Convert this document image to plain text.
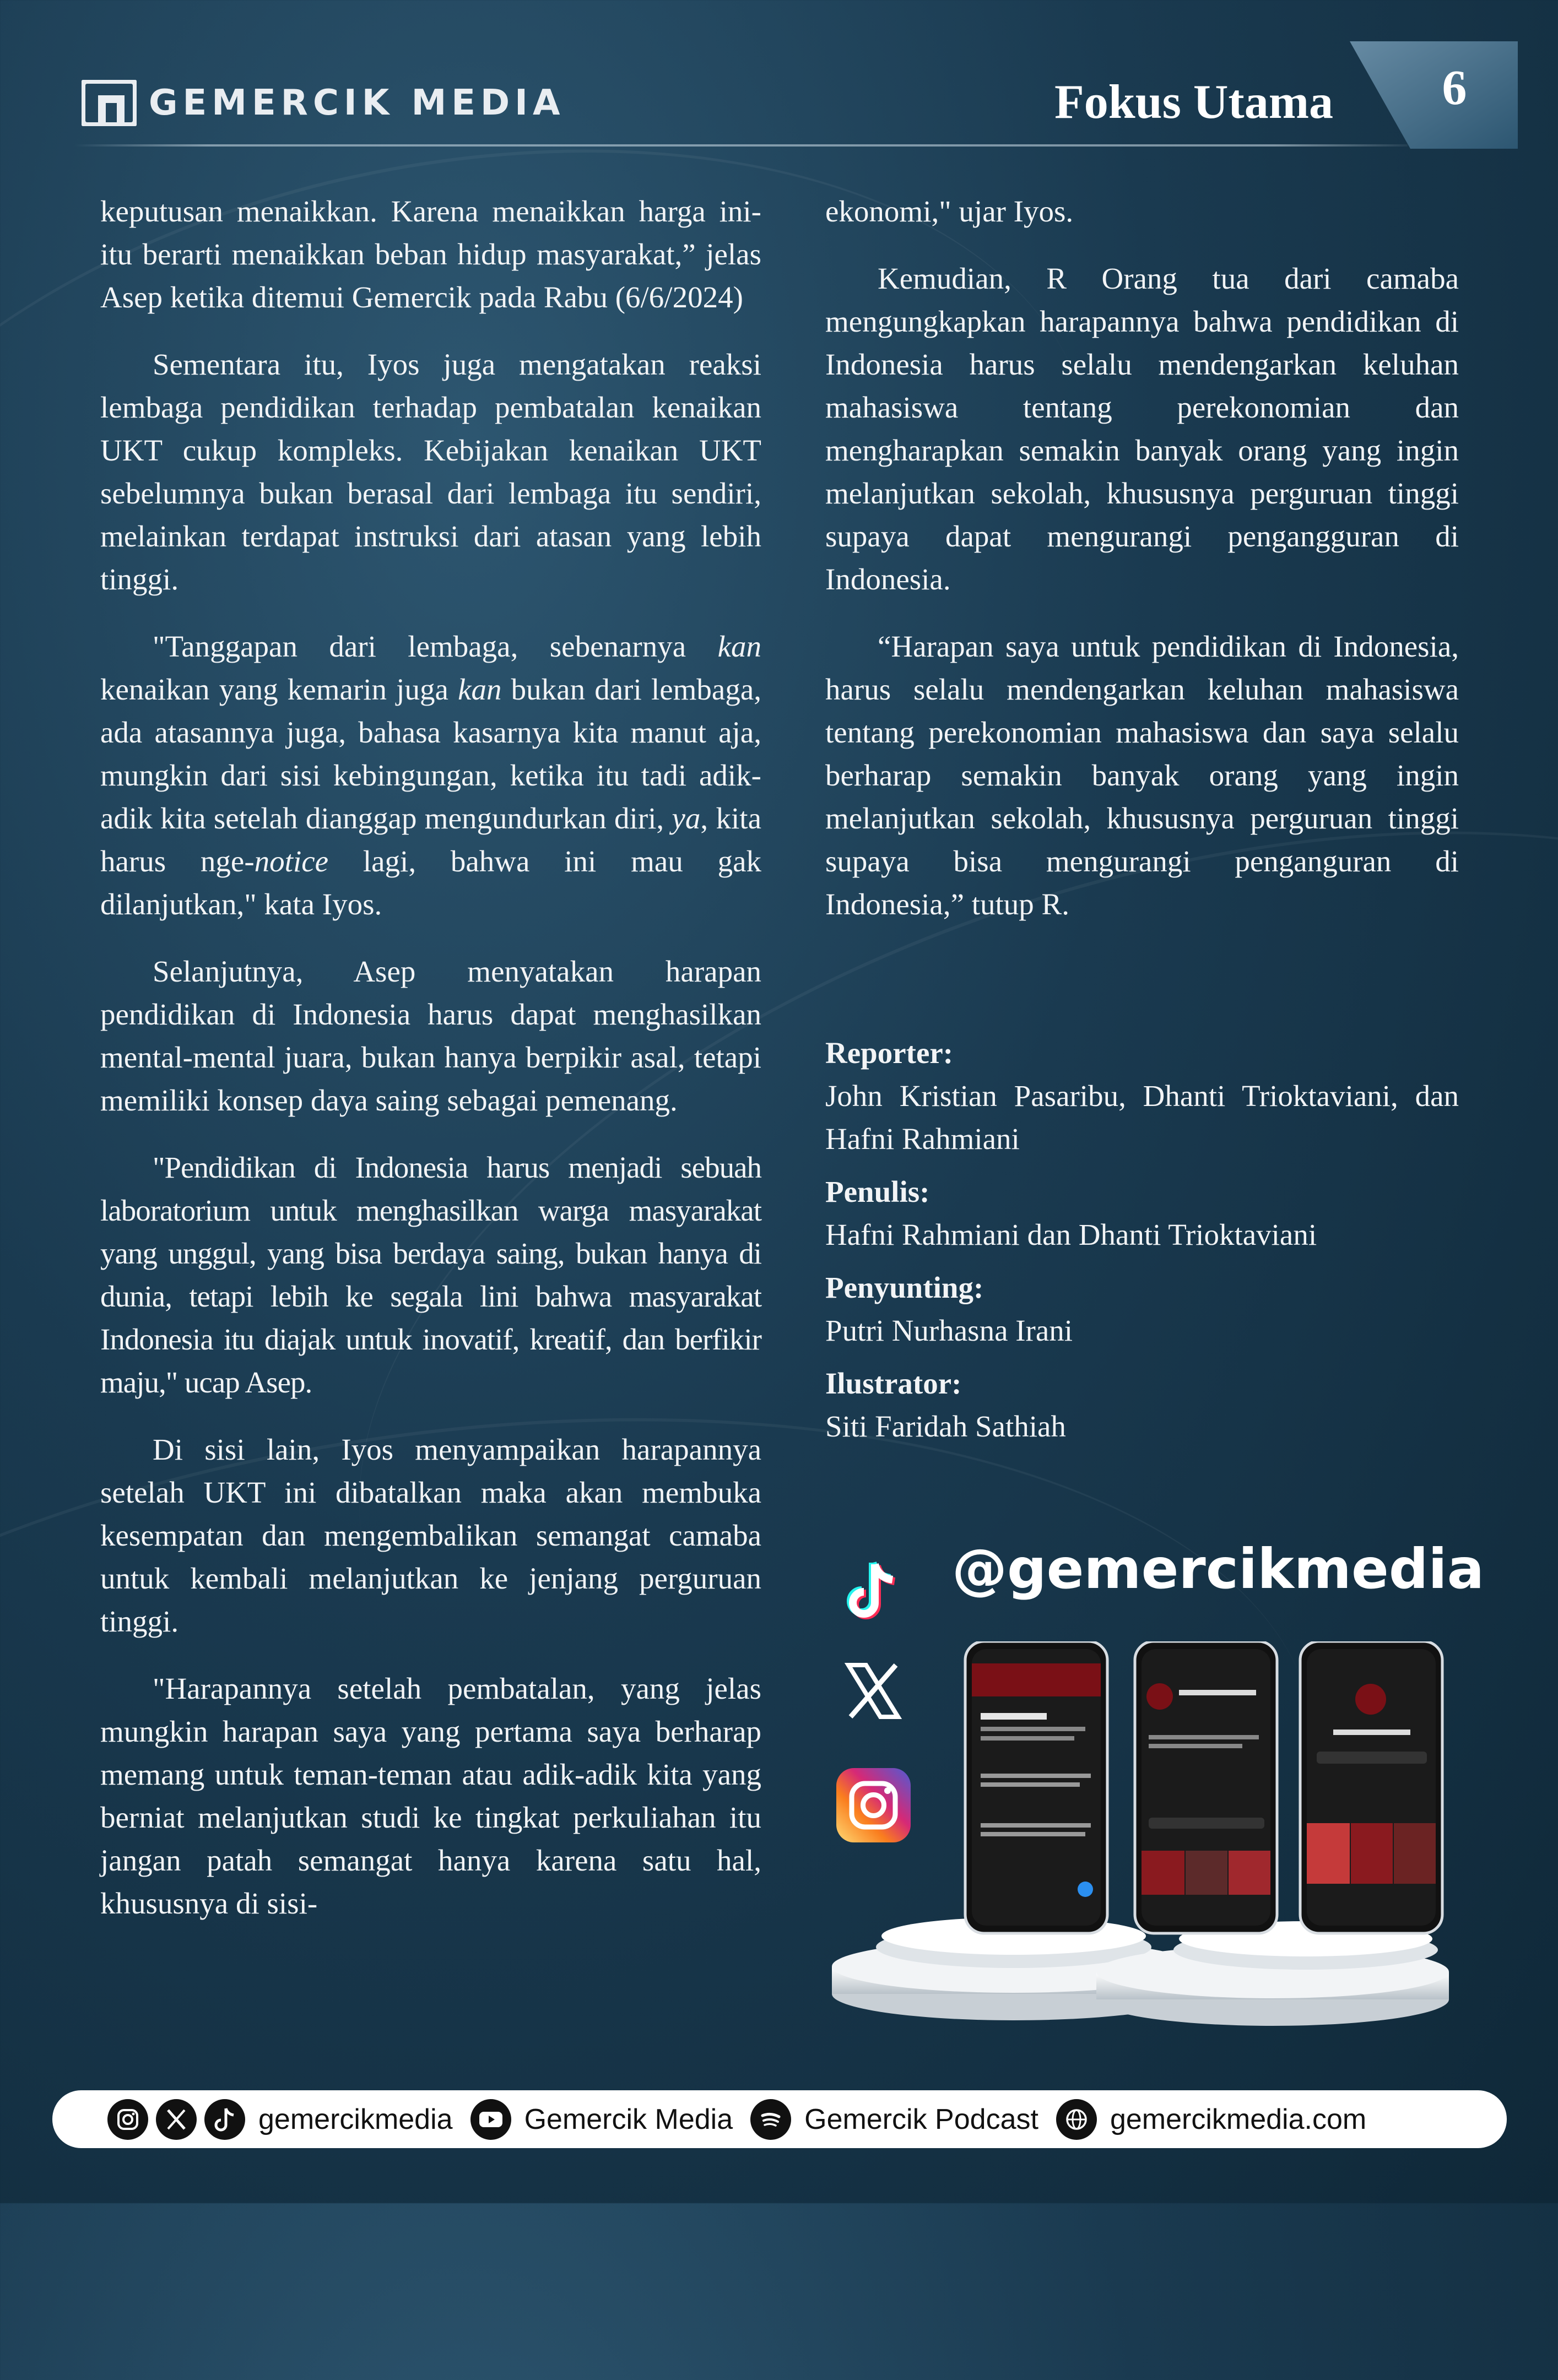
GEMERCIK MEDIA	Fokus Utama	6

keputusan menaikkan. Karena menaikkan harga ini-itu berarti menaikkan beban hidup masyarakat,” jelas Asep ketika ditemui Gemercik pada Rabu (6/6/2024)

Sementara itu, Iyos juga mengatakan reaksi lembaga pendidikan terhadap pembatalan kenaikan UKT cukup kompleks. Kebijakan kenaikan UKT sebelumnya bukan berasal dari lembaga itu sendiri, melainkan terdapat instruksi dari atasan yang lebih tinggi.

"Tanggapan dari lembaga, sebenarnya kan kenaikan yang kemarin juga kan bukan dari lembaga, ada atasannya juga, bahasa kasarnya kita manut aja, mungkin dari sisi kebingungan, ketika itu tadi adik-adik kita setelah dianggap mengundurkan diri, ya, kita harus nge-notice lagi, bahwa ini mau gak dilanjutkan," kata Iyos.

Selanjutnya, Asep menyatakan harapan pendidikan di Indonesia harus dapat menghasilkan mental-mental juara, bukan hanya berpikir asal, tetapi memiliki konsep daya saing sebagai pemenang.

"Pendidikan di Indonesia harus menjadi sebuah laboratorium untuk menghasilkan warga masyarakat yang unggul, yang bisa berdaya saing, bukan hanya di dunia, tetapi lebih ke segala lini bahwa masyarakat Indonesia itu diajak untuk inovatif, kreatif, dan berfikir maju," ucap Asep.

Di sisi lain, Iyos menyampaikan harapannya setelah UKT ini dibatalkan maka akan membuka kesempatan dan mengembalikan semangat camaba untuk kembali melanjutkan ke jenjang perguruan tinggi.

"Harapannya setelah pembatalan, yang jelas mungkin harapan saya yang pertama saya berharap memang untuk teman-teman atau adik-adik kita yang berniat melanjutkan studi ke tingkat perkuliahan itu jangan patah semangat hanya karena satu hal, khususnya di sisi-

ekonomi," ujar Iyos.

Kemudian, R Orang tua dari camaba mengungkapkan harapannya bahwa pendidikan di Indonesia harus selalu mendengarkan keluhan mahasiswa tentang perekonomian dan mengharapkan semakin banyak orang yang ingin melanjutkan sekolah, khususnya perguruan tinggi supaya dapat mengurangi pengangguran di Indonesia.

“Harapan saya untuk pendidikan di Indonesia, harus selalu mendengarkan keluhan mahasiswa tentang perekonomian mahasiswa dan saya selalu berharap semakin banyak orang yang ingin melanjutkan sekolah, khususnya perguruan tinggi supaya bisa mengurangi penganguran di Indonesia,” tutup R.

Reporter:
John Kristian Pasaribu, Dhanti Trioktaviani, dan Hafni Rahmiani
Penulis:
Hafni Rahmiani dan Dhanti Trioktaviani
Penyunting:
Putri Nurhasna Irani
Ilustrator:
Siti Faridah Sathiah
@gemercikmedia
gemercikmedia	Gemercik Media	Gemercik Podcast	gemercikmedia.com
